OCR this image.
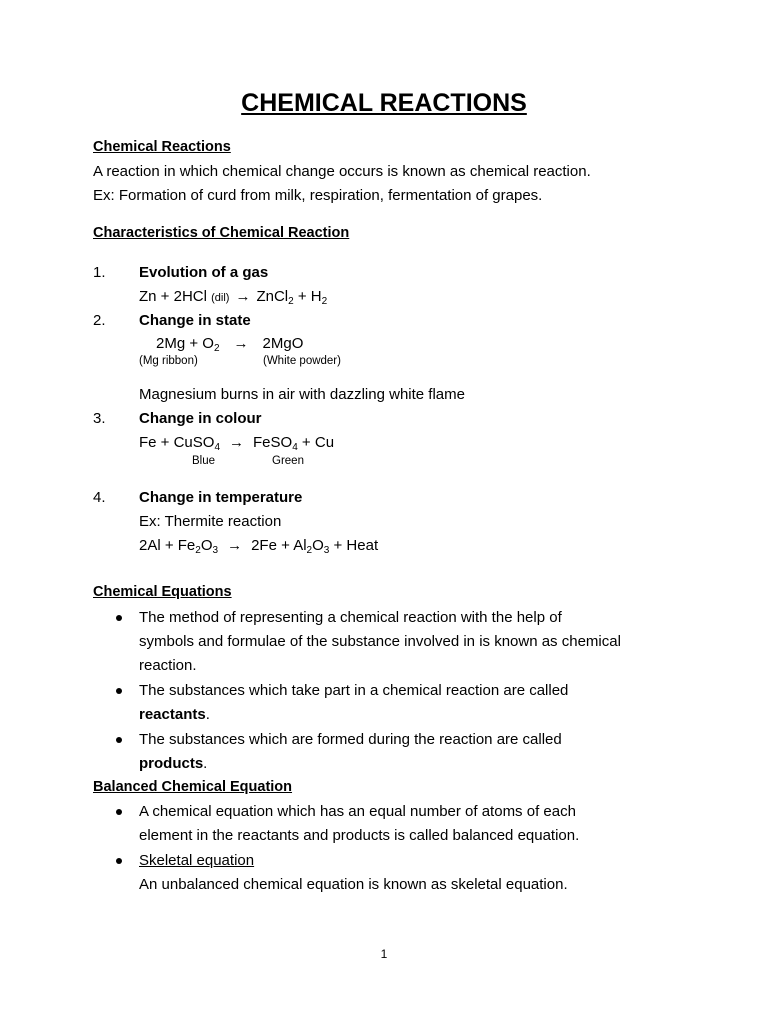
CHEMICAL REACTIONS
Chemical Reactions
A reaction in which chemical change occurs is known as chemical reaction.
Ex: Formation of curd from milk, respiration, fermentation of grapes.
Characteristics of Chemical Reaction
1. Evolution of a gas
Zn + 2HCl (dil) → ZnCl$_2$ + $H_2$
2. Change in state
$2Mg + O_2 \to 2MgO$
(Mg ribbon)	(White powder)
Magnesium burns in air with dazzling white flame
3. Change in colour
Fe + CuSO$_4$ → FeSO$_4$ + Cu
Blue	Green
4. Change in temperature
Ex: Thermite reaction
$2Al + Fe_2O_3 \to 2Fe + Al_2O_3$ + Heat
Chemical Equations
The method of representing a chemical reaction with the help of
symbols and formulae of the substance involved in is known as chemical
reaction.
The substances which take part in a chemical reaction are called
reactants.
The substances which are formed during the reaction are called
products.
Balanced Chemical Equation
A chemical equation which has an equal number of atoms of each
element in the reactants and products is called balanced equation.
Skeletal equation
An unbalanced chemical equation is known as skeletal equation.
1
